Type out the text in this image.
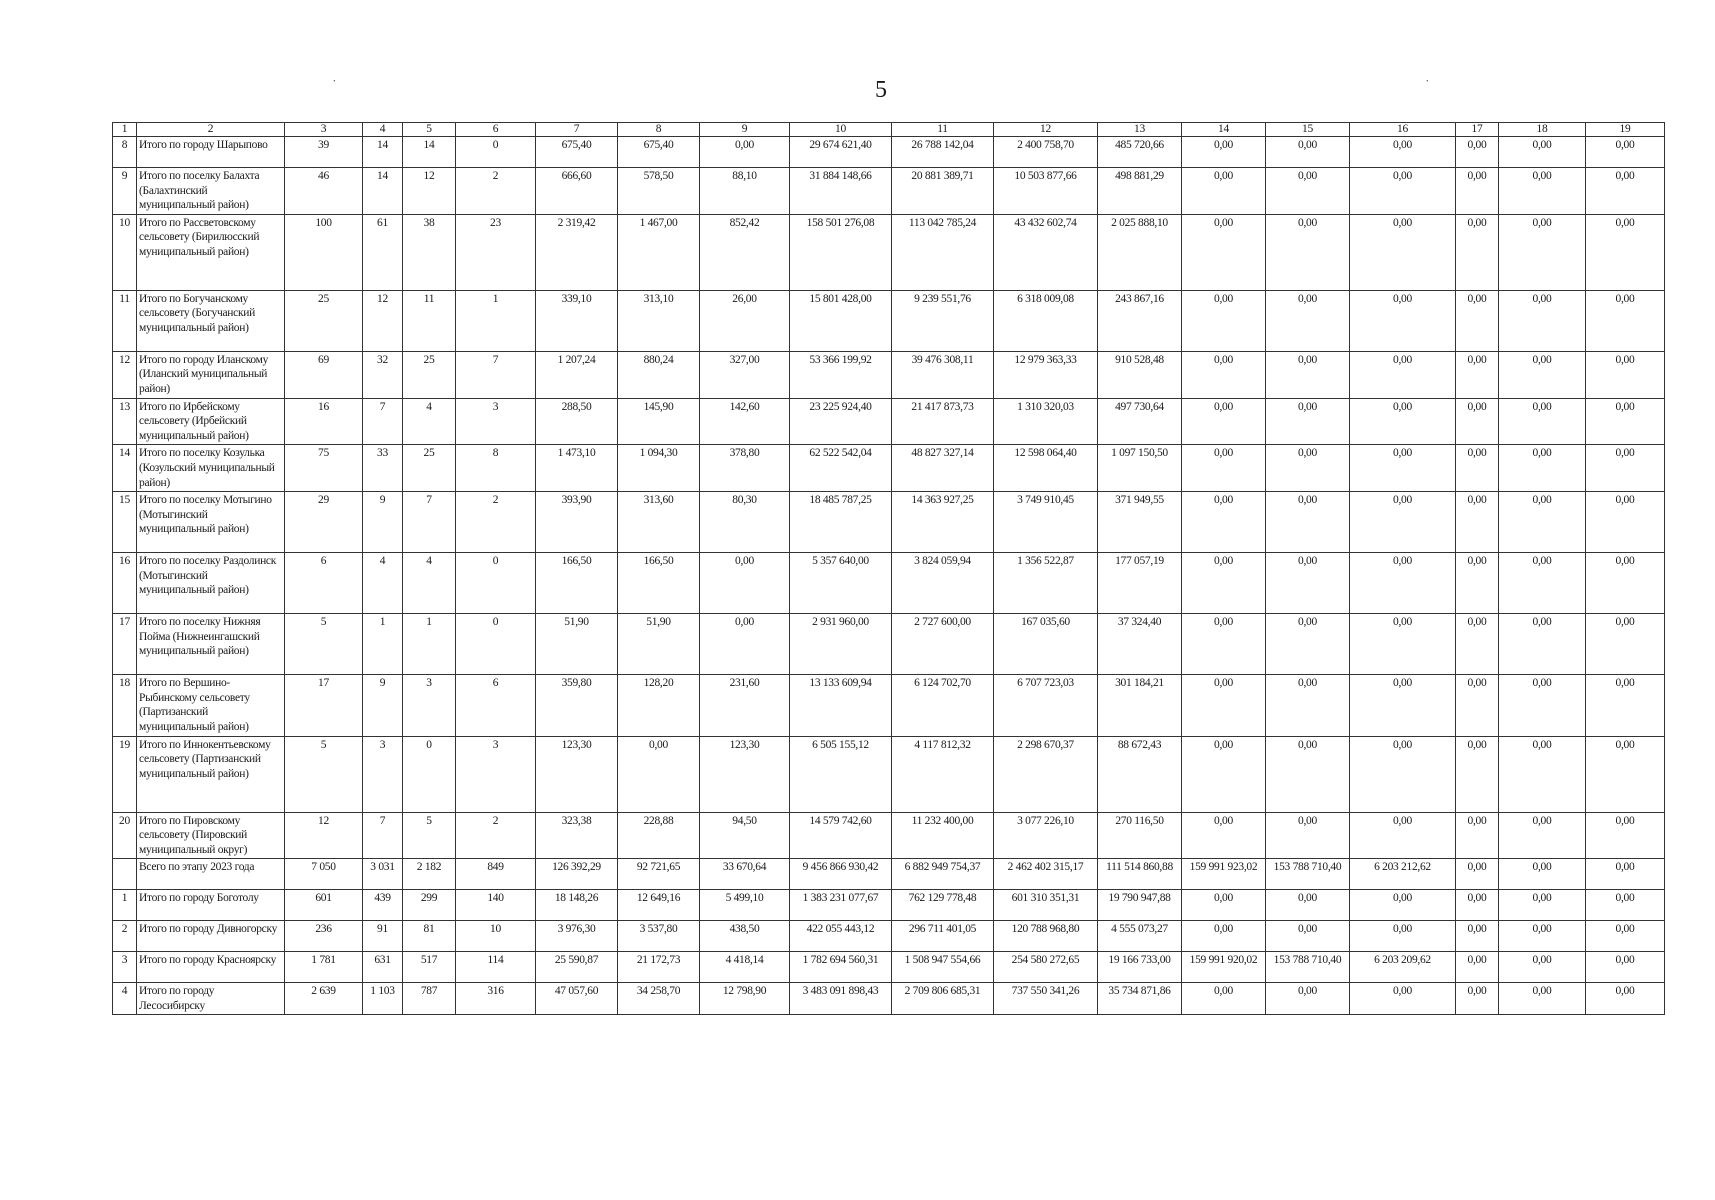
˙	5	˙
1	2	3	4	5	6	7	8	9	10	11	12	13	14	15	16	17	18	19
8	Итого по городу Шарыпово	39	14	14	0	675,40	675,40	0,00	29 674 621,40	26 788 142,04	2 400 758,70	485 720,66	0,00	0,00	0,00	0,00	0,00	0,00
9	Итого по поселку Балахта (Балахтинский муниципальный район)	46	14	12	2	666,60	578,50	88,10	31 884 148,66	20 881 389,71	10 503 877,66	498 881,29	0,00	0,00	0,00	0,00	0,00	0,00
10	Итого по Рассветовскому сельсовету (Бирилюсский муниципальный район)	100	61	38	23	2 319,42	1 467,00	852,42	158 501 276,08	113 042 785,24	43 432 602,74	2 025 888,10	0,00	0,00	0,00	0,00	0,00	0,00
11	Итого по Богучанскому сельсовету (Богучанский муниципальный район)	25	12	11	1	339,10	313,10	26,00	15 801 428,00	9 239 551,76	6 318 009,08	243 867,16	0,00	0,00	0,00	0,00	0,00	0,00
12	Итого по городу Иланскому (Иланский муниципальный район)	69	32	25	7	1 207,24	880,24	327,00	53 366 199,92	39 476 308,11	12 979 363,33	910 528,48	0,00	0,00	0,00	0,00	0,00	0,00
13	Итого по Ирбейскому сельсовету (Ирбейский муниципальный район)	16	7	4	3	288,50	145,90	142,60	23 225 924,40	21 417 873,73	1 310 320,03	497 730,64	0,00	0,00	0,00	0,00	0,00	0,00
14	Итого по поселку Козулька (Козульский муниципальный район)	75	33	25	8	1 473,10	1 094,30	378,80	62 522 542,04	48 827 327,14	12 598 064,40	1 097 150,50	0,00	0,00	0,00	0,00	0,00	0,00
15	Итого по поселку Мотыгино (Мотыгинский муниципальный район)	29	9	7	2	393,90	313,60	80,30	18 485 787,25	14 363 927,25	3 749 910,45	371 949,55	0,00	0,00	0,00	0,00	0,00	0,00
16	Итого по поселку Раздолинск (Мотыгинский муниципальный район)	6	4	4	0	166,50	166,50	0,00	5 357 640,00	3 824 059,94	1 356 522,87	177 057,19	0,00	0,00	0,00	0,00	0,00	0,00
17	Итого по поселку Нижняя Пойма (Нижнеингашский муниципальный район)	5	1	1	0	51,90	51,90	0,00	2 931 960,00	2 727 600,00	167 035,60	37 324,40	0,00	0,00	0,00	0,00	0,00	0,00
18	Итого по Вершино-Рыбинскому сельсовету (Партизанский муниципальный район)	17	9	3	6	359,80	128,20	231,60	13 133 609,94	6 124 702,70	6 707 723,03	301 184,21	0,00	0,00	0,00	0,00	0,00	0,00
19	Итого по Иннокентьевскому сельсовету (Партизанский муниципальный район)	5	3	0	3	123,30	0,00	123,30	6 505 155,12	4 117 812,32	2 298 670,37	88 672,43	0,00	0,00	0,00	0,00	0,00	0,00
20	Итого по Пировскому сельсовету (Пировский муниципальный округ)	12	7	5	2	323,38	228,88	94,50	14 579 742,60	11 232 400,00	3 077 226,10	270 116,50	0,00	0,00	0,00	0,00	0,00	0,00
	Всего по этапу 2023 года	7 050	3 031	2 182	849	126 392,29	92 721,65	33 670,64	9 456 866 930,42	6 882 949 754,37	2 462 402 315,17	111 514 860,88	159 991 923,02	153 788 710,40	6 203 212,62	0,00	0,00	0,00
1	Итого по городу Боготолу	601	439	299	140	18 148,26	12 649,16	5 499,10	1 383 231 077,67	762 129 778,48	601 310 351,31	19 790 947,88	0,00	0,00	0,00	0,00	0,00	0,00
2	Итого по городу Дивногорску	236	91	81	10	3 976,30	3 537,80	438,50	422 055 443,12	296 711 401,05	120 788 968,80	4 555 073,27	0,00	0,00	0,00	0,00	0,00	0,00
3	Итого по городу Красноярску	1 781	631	517	114	25 590,87	21 172,73	4 418,14	1 782 694 560,31	1 508 947 554,66	254 580 272,65	19 166 733,00	159 991 920,02	153 788 710,40	6 203 209,62	0,00	0,00	0,00
4	Итого по городу Лесосибирску	2 639	1 103	787	316	47 057,60	34 258,70	12 798,90	3 483 091 898,43	2 709 806 685,31	737 550 341,26	35 734 871,86	0,00	0,00	0,00	0,00	0,00	0,00
